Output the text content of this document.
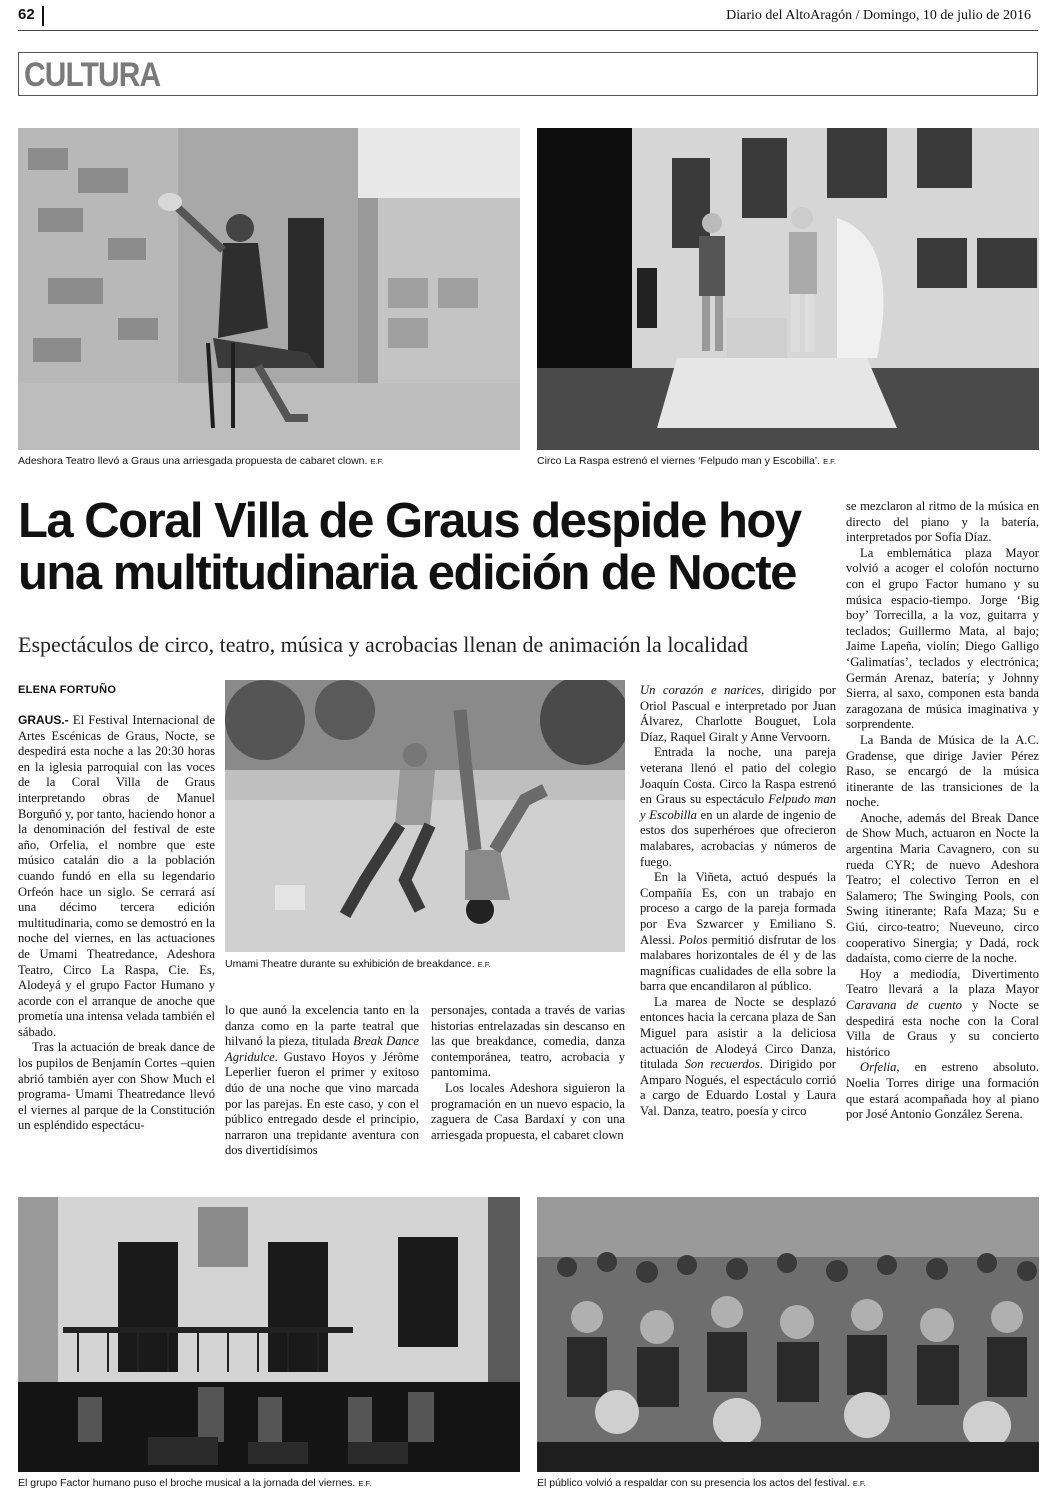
62	Diario del AltoAragón / Domingo, 10 de julio de 2016
CULTURA
Adeshora Teatro llevó a Graus una arriesgada propuesta de cabaret clown. E.F.	Circo La Raspa estrenó el viernes ‘Felpudo man y Escobilla’. E.F.
La Coral Villa de Graus despide hoy
una multitudinaria edición de Nocte
Espectáculos de circo, teatro, música y acrobacias llenan de animación la localidad
ELENA FORTUÑO
Umami Theatre durante su exhibición de breakdance. E.F.

GRAUS.- El Festival Internacional de Artes Escénicas de Graus, Nocte, se despedirá esta noche a las 20:30 horas en la iglesia parroquial con las voces de la Coral Villa de Graus interpretando obras de Manuel Borguñó y, por tanto, haciendo honor a la denominación del festival de este año, Orfelia, el nombre que este músico catalán dio a la población cuando fundó en ella su legendario Orfeón hace un siglo. Se cerrará así una décimo tercera edición multitudinaria, como se demostró en la noche del viernes, en las actuaciones de Umami Theatredance, Adeshora Teatro, Circo La Raspa, Cie. Es, Alodeyá y el grupo Factor Humano y acorde con el arranque de anoche que prometía una intensa velada también el sábado.

Tras la actuación de break dance de los pupilos de Benjamín Cortes –quien abrió también ayer con Show Much el programa- Umami Theatredance llevó el viernes al parque de la Constitución un espléndido espectácu-

lo que aunó la excelencia tanto en la danza como en la parte teatral que hilvanó la pieza, titulada Break Dance Agridulce. Gustavo Hoyos y Jérôme Leperlier fueron el primer y exitoso dúo de una noche que vino marcada por las parejas. En este caso, y con el público entregado desde el principio, narraron una trepidante aventura con dos divertidísimos

personajes, contada a través de varias historias entrelazadas sin descanso en las que breakdance, comedia, danza contemporánea, teatro, acrobacia y pantomima.

Los locales Adeshora siguieron la programación en un nuevo espacio, la zaguera de Casa Bardaxí y con una arriesgada propuesta, el cabaret clown

Un corazón e narices, dirigido por Oriol Pascual e interpretado por Juan Álvarez, Charlotte Bouguet, Lola Díaz, Raquel Giralt y Anne Vervoorn.

Entrada la noche, una pareja veterana llenó el patio del colegio Joaquín Costa. Circo la Raspa estrenó en Graus su espectáculo Felpudo man y Escobilla en un alarde de ingenio de estos dos superhéroes que ofrecieron malabares, acrobacias y números de fuego.

En la Viñeta, actuó después la Compañía Es, con un trabajo en proceso a cargo de la pareja formada por Eva Szwarcer y Emiliano S. Alessi. Polos permitió disfrutar de los malabares horizontales de él y de las magníficas cualidades de ella sobre la barra que encandilaron al público.

La marea de Nocte se desplazó entonces hacia la cercana plaza de San Miguel para asistir a la deliciosa actuación de Alodeyá Circo Danza, titulada Son recuerdos. Dirigido por Amparo Nogués, el espectáculo corrió a cargo de Eduardo Lostal y Laura Val. Danza, teatro, poesía y circo

se mezclaron al ritmo de la música en directo del piano y la batería, interpretados por Sofía Díaz.

La emblemática plaza Mayor volvió a acoger el colofón nocturno con el grupo Factor humano y su música espacio-tiempo. Jorge ‘Big boy’ Torrecilla, a la voz, guitarra y teclados; Guillermo Mata, al bajo; Jaime Lapeña, violín; Diego Galligo ‘Galimatías’, teclados y electrónica; Germán Arenaz, batería; y Johnny Sierra, al saxo, componen esta banda zaragozana de música imaginativa y sorprendente.

La Banda de Música de la A.C. Gradense, que dirige Javier Pérez Raso, se encargó de la música itinerante de las transiciones de la noche.

Anoche, además del Break Dance de Show Much, actuaron en Nocte la argentina Maria Cavagnero, con su rueda CYR; de nuevo Adeshora Teatro; el colectivo Terron en el Salamero; The Swinging Pools, con Swing itinerante; Rafa Maza; Su e Giú, circo-teatro; Nueveuno, circo cooperativo Sinergia; y Dadá, rock dadaísta, como cierre de la noche.

Hoy a mediodía, Divertimento Teatro llevará a la plaza Mayor Caravana de cuento y Nocte se despedirá esta noche con la Coral Villa de Graus y su concierto histórico

Orfelia, en estreno absoluto. Noelia Torres dirige una formación que estará acompañada hoy al piano por José Antonio González Serena.

El grupo Factor humano puso el broche musical a la jornada del viernes. E.F.	El público volvió a respaldar con su presencia los actos del festival. E.F.
